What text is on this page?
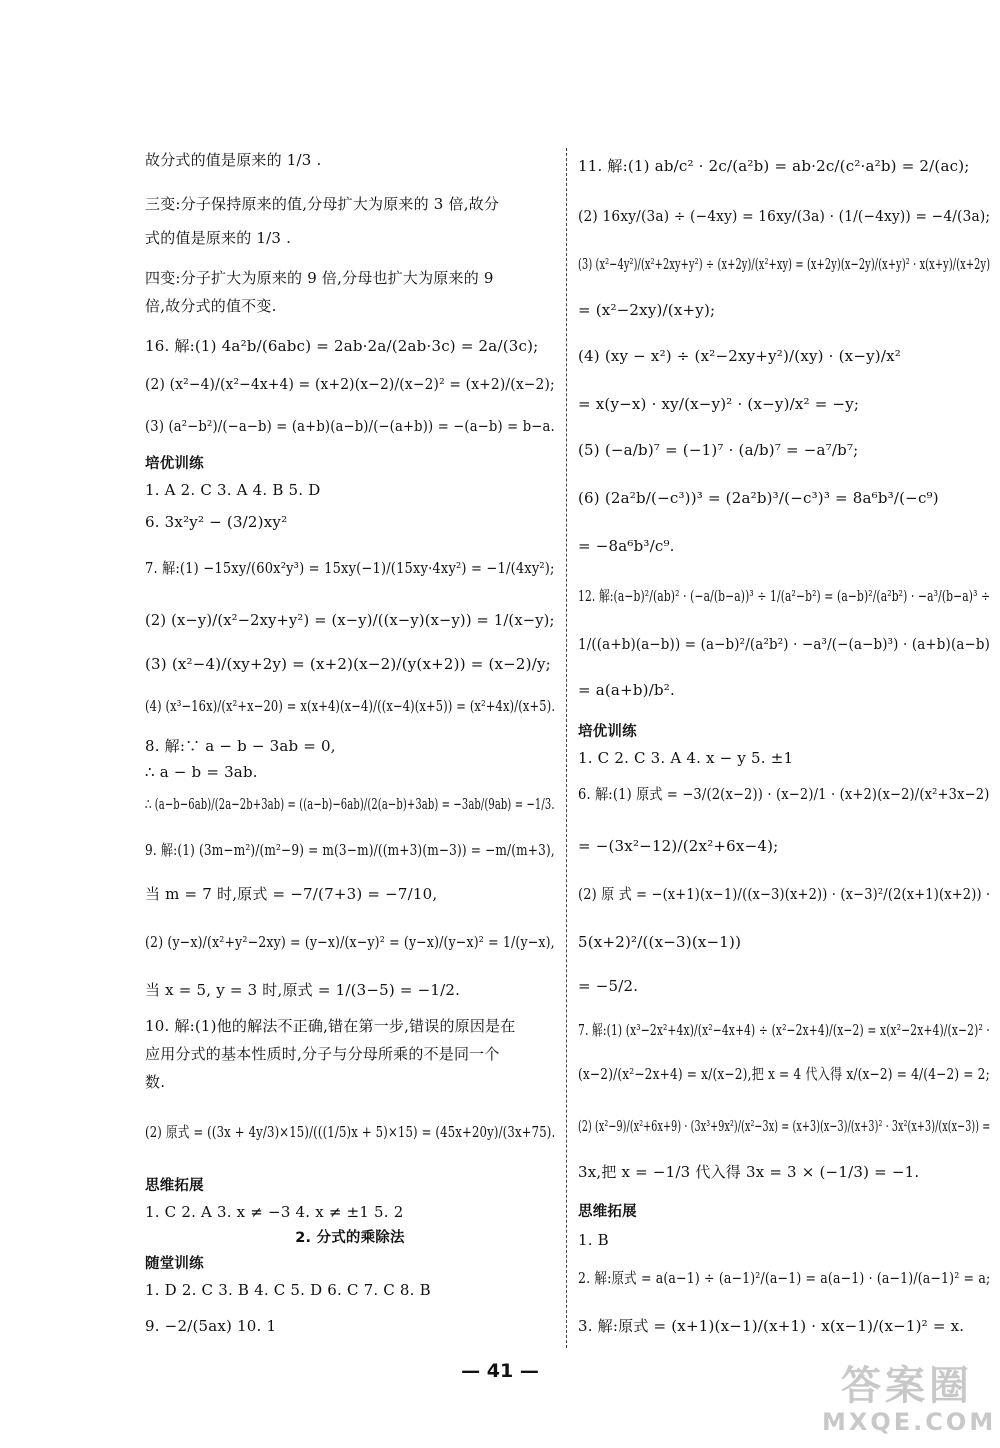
故分式的值是原来的 1/3 .
三变:分子保持原来的值,分母扩大为原来的 3 倍,故分
式的值是原来的 1/3 .
四变:分子扩大为原来的 9 倍,分母也扩大为原来的 9
倍,故分式的值不变.
16. 解:(1) 4a²b/(6abc) = 2ab·2a/(2ab·3c) = 2a/(3c);
(2) (x²−4)/(x²−4x+4) = (x+2)(x−2)/(x−2)² = (x+2)/(x−2);
(3) (a²−b²)/(−a−b) = (a+b)(a−b)/(−(a+b)) = −(a−b) = b−a.
培优训练
1. A 2. C 3. A 4. B 5. D
6. 3x²y² − (3/2)xy²
7. 解:(1) −15xy/(60x²y³) = 15xy(−1)/(15xy·4xy²) = −1/(4xy²);
(2) (x−y)/(x²−2xy+y²) = (x−y)/((x−y)(x−y)) = 1/(x−y);
(3) (x²−4)/(xy+2y) = (x+2)(x−2)/(y(x+2)) = (x−2)/y;
(4) (x³−16x)/(x²+x−20) = x(x+4)(x−4)/((x−4)(x+5)) = (x²+4x)/(x+5).
8. 解:∵ a − b − 3ab = 0,
∴ a − b = 3ab.
∴ (a−b−6ab)/(2a−2b+3ab) = ((a−b)−6ab)/(2(a−b)+3ab) = −3ab/(9ab) = −1/3.
9. 解:(1) (3m−m²)/(m²−9) = m(3−m)/((m+3)(m−3)) = −m/(m+3),
当 m = 7 时,原式 = −7/(7+3) = −7/10,
(2) (y−x)/(x²+y²−2xy) = (y−x)/(x−y)² = (y−x)/(y−x)² = 1/(y−x),
当 x = 5, y = 3 时,原式 = 1/(3−5) = −1/2.
10. 解:(1)他的解法不正确,错在第一步,错误的原因是在
应用分式的基本性质时,分子与分母所乘的不是同一个
数.
(2) 原式 = ((3x + 4y/3)×15)/(((1/5)x + 5)×15) = (45x+20y)/(3x+75).
思维拓展
1. C 2. A 3. x ≠ −3 4. x ≠ ±1 5. 2
2. 分式的乘除法
随堂训练
1. D 2. C 3. B 4. C 5. D 6. C 7. C 8. B
9. −2/(5ax) 10. 1
11. 解:(1) ab/c² · 2c/(a²b) = ab·2c/(c²·a²b) = 2/(ac);
(2) 16xy/(3a) ÷ (−4xy) = 16xy/(3a) · (1/(−4xy)) = −4/(3a);
(3) (x²−4y²)/(x²+2xy+y²) ÷ (x+2y)/(x²+xy) = (x+2y)(x−2y)/(x+y)² · x(x+y)/(x+2y)
= (x²−2xy)/(x+y);
(4) (xy − x²) ÷ (x²−2xy+y²)/(xy) · (x−y)/x²
= x(y−x) · xy/(x−y)² · (x−y)/x² = −y;
(5) (−a/b)⁷ = (−1)⁷ · (a/b)⁷ = −a⁷/b⁷;
(6) (2a²b/(−c³))³ = (2a²b)³/(−c³)³ = 8a⁶b³/(−c⁹)
= −8a⁶b³/c⁹.
12. 解:(a−b)²/(ab)² · (−a/(b−a))³ ÷ 1/(a²−b²) = (a−b)²/(a²b²) · −a³/(b−a)³ ÷
1/((a+b)(a−b)) = (a−b)²/(a²b²) · −a³/(−(a−b)³) · (a+b)(a−b)
= a(a+b)/b².
培优训练
1. C 2. C 3. A 4. x − y 5. ±1
6. 解:(1) 原式 = −3/(2(x−2)) · (x−2)/1 · (x+2)(x−2)/(x²+3x−2)
= −(3x²−12)/(2x²+6x−4);
(2) 原 式 = −(x+1)(x−1)/((x−3)(x+2)) · (x−3)²/(2(x+1)(x+2)) ·
5(x+2)²/((x−3)(x−1))
= −5/2.
7. 解:(1) (x³−2x²+4x)/(x²−4x+4) ÷ (x²−2x+4)/(x−2) = x(x²−2x+4)/(x−2)² ·
(x−2)/(x²−2x+4) = x/(x−2),把 x = 4 代入得 x/(x−2) = 4/(4−2) = 2;
(2) (x²−9)/(x²+6x+9) · (3x³+9x²)/(x²−3x) = (x+3)(x−3)/(x+3)² · 3x²(x+3)/(x(x−3)) =
3x,把 x = −1/3 代入得 3x = 3 × (−1/3) = −1.
思维拓展
1. B
2. 解:原式 = a(a−1) ÷ (a−1)²/(a−1) = a(a−1) · (a−1)/(a−1)² = a;
3. 解:原式 = (x+1)(x−1)/(x+1) · x(x−1)/(x−1)² = x.
— 41 —	答案圈
MXQE.COM
